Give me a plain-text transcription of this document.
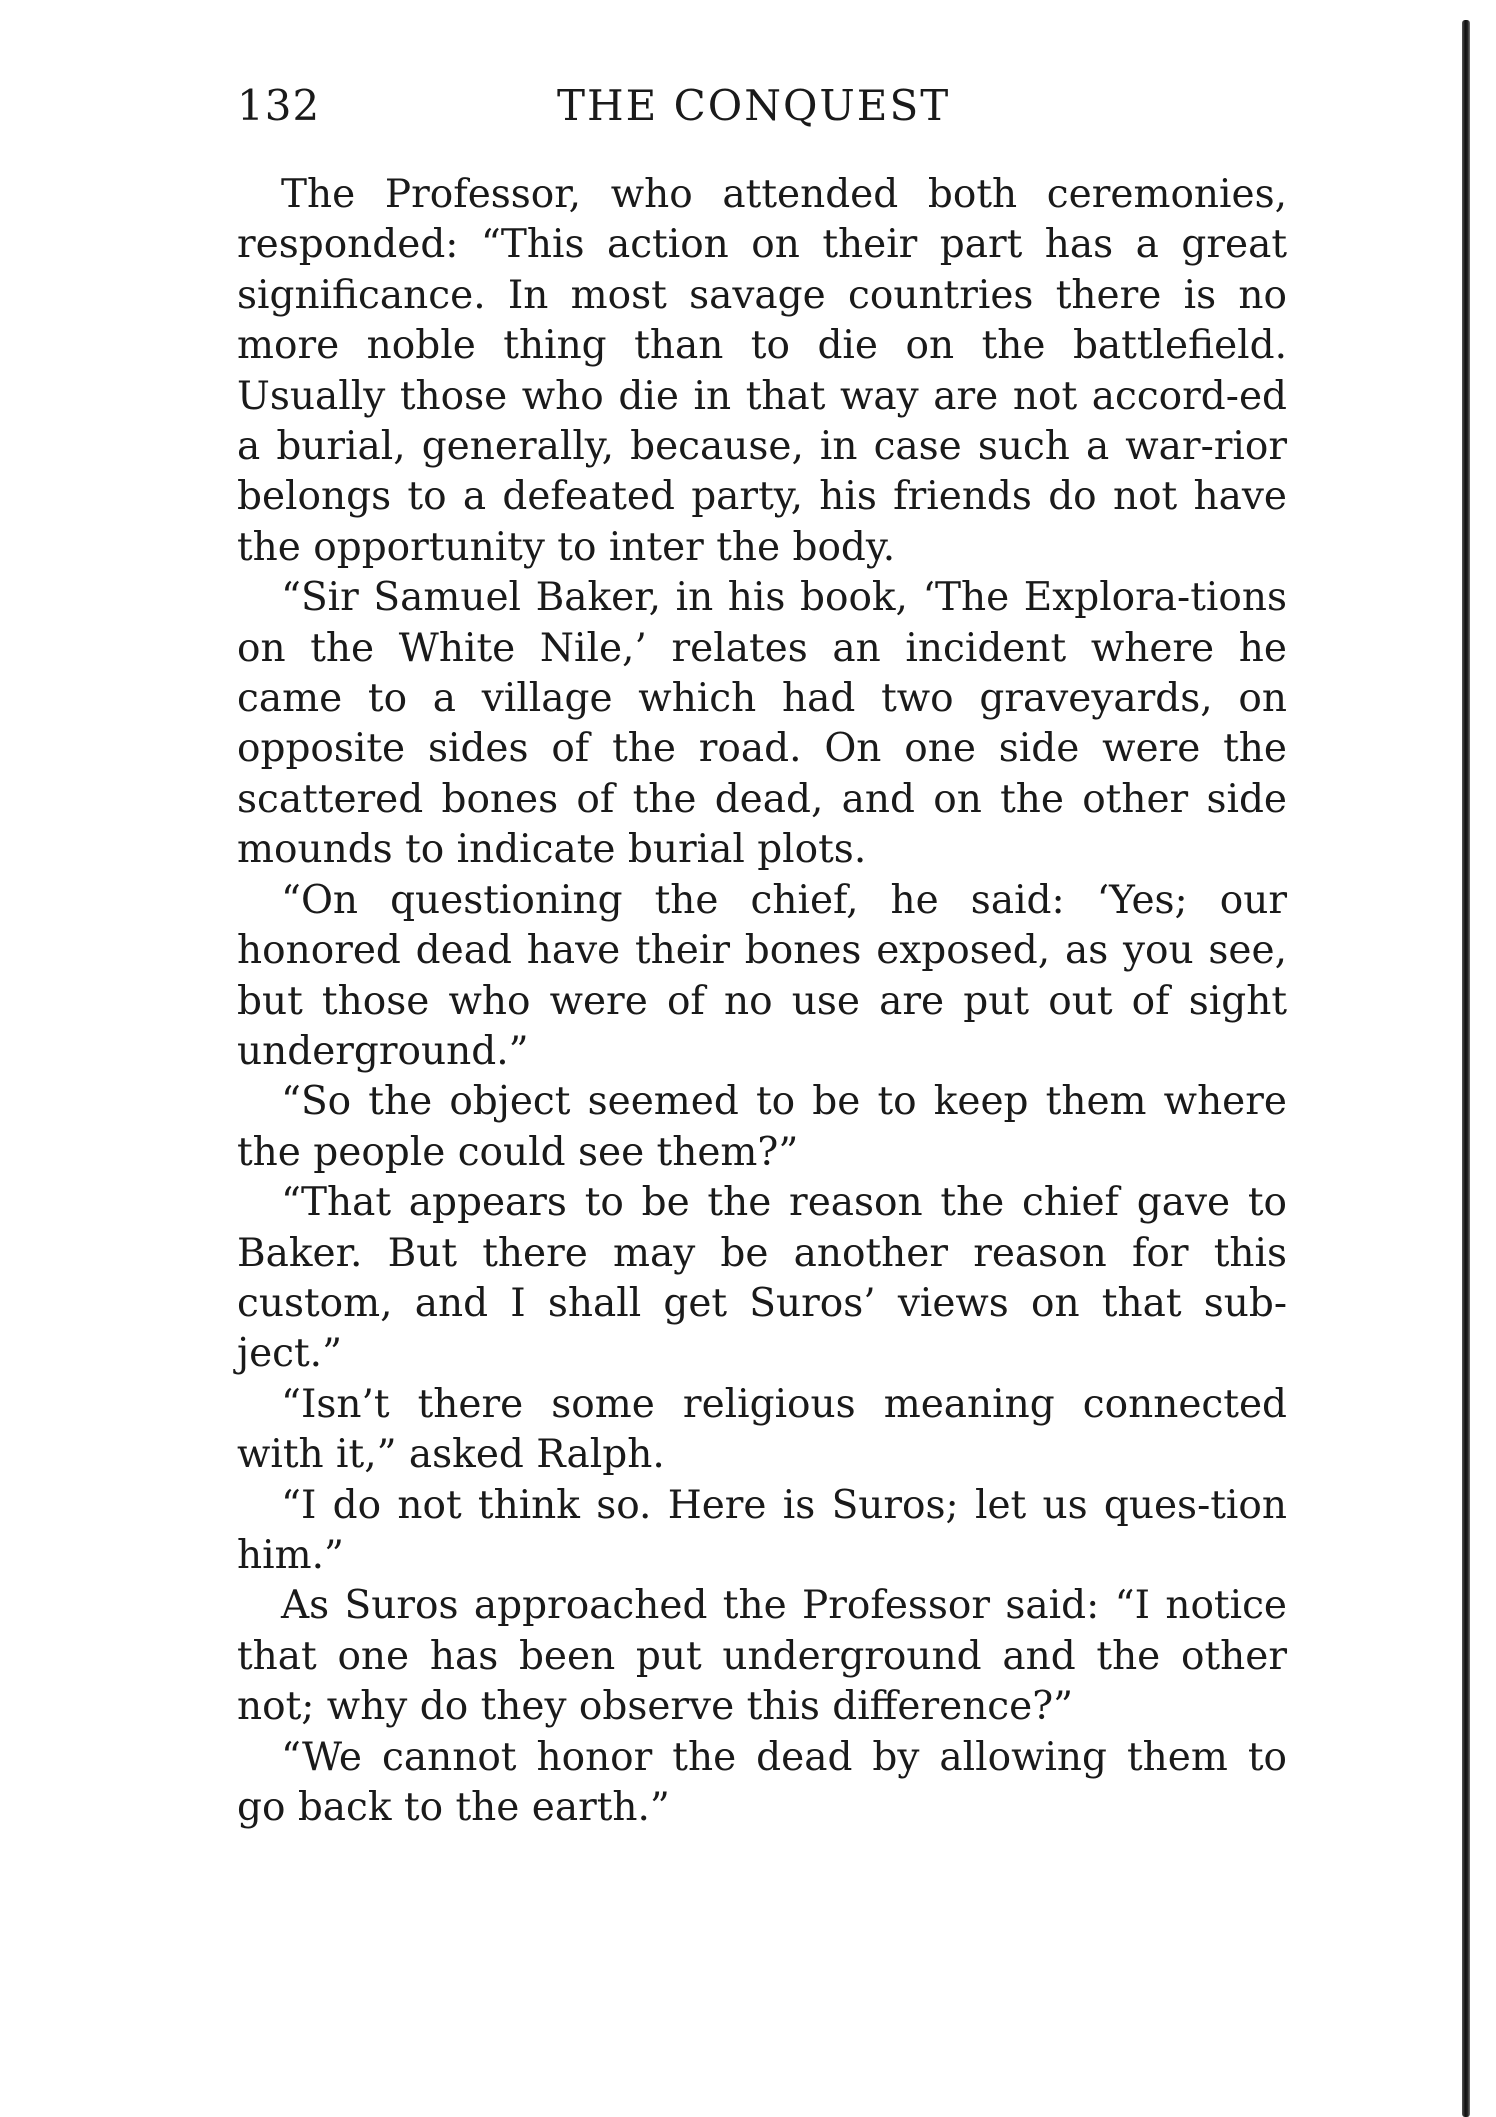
132	THE CONQUEST

The Professor, who attended both ceremonies, responded: “This action on their part has a great significance. In most savage countries there is no more noble thing than to die on the battlefield. Usually those who die in that way are not accord-ed a burial, generally, because, in case such a war-rior belongs to a defeated party, his friends do not have the opportunity to inter the body.

“Sir Samuel Baker, in his book, ‘The Explora-tions on the White Nile,’ relates an incident where he came to a village which had two graveyards, on opposite sides of the road. On one side were the scattered bones of the dead, and on the other side mounds to indicate burial plots.

“On questioning the chief, he said: ‘Yes; our honored dead have their bones exposed, as you see, but those who were of no use are put out of sight underground.”

“So the object seemed to be to keep them where the people could see them?”

“That appears to be the reason the chief gave to Baker. But there may be another reason for this custom, and I shall get Suros’ views on that sub-ject.”

“Isn’t there some religious meaning connected with it,” asked Ralph.

“I do not think so. Here is Suros; let us ques-tion him.”

As Suros approached the Professor said: “I notice that one has been put underground and the other not; why do they observe this difference?”

“We cannot honor the dead by allowing them to go back to the earth.”
